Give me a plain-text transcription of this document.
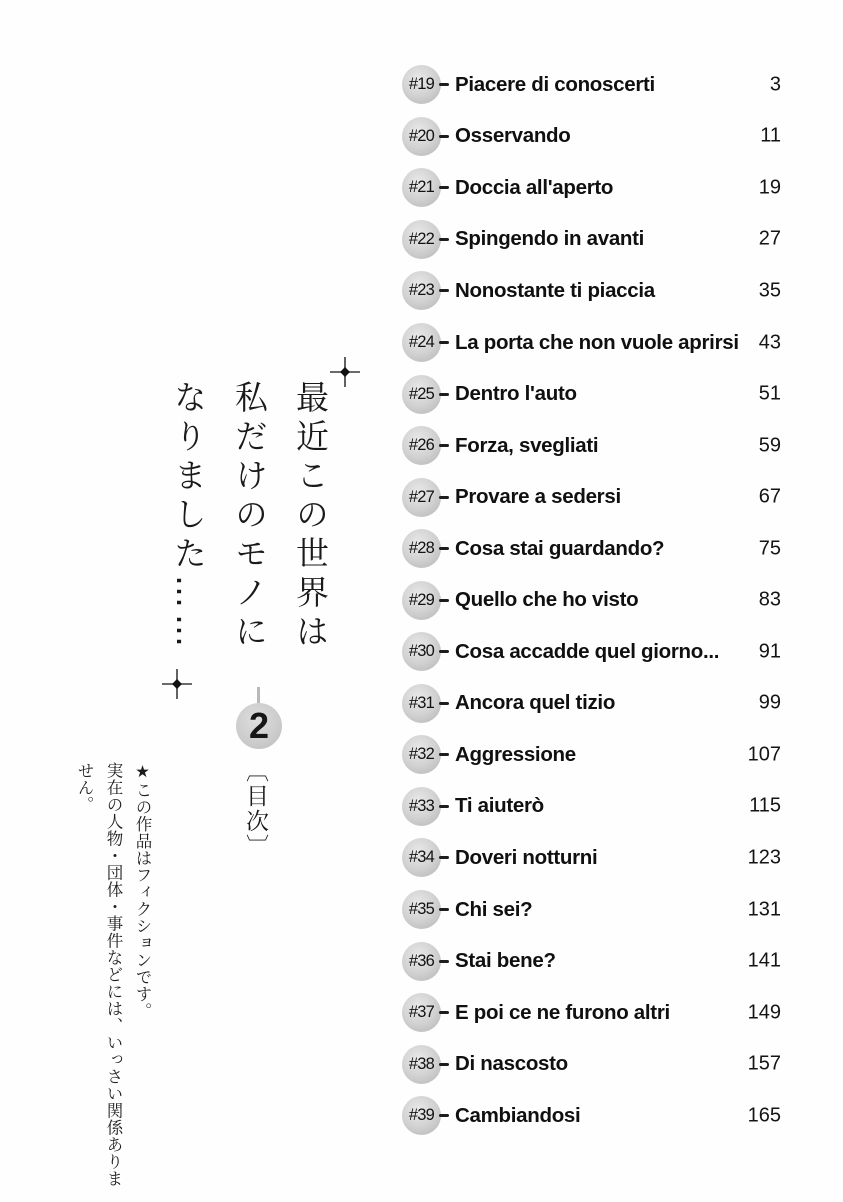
最近この世界は
私だけのモノに
なりました……
2
〔目次〕
★この作品はフィクションです。
実在の人物・団体・事件などには、いっさい関係ありません。
#19	Piacere di conoscerti	3
#20	Osservando	11
#21	Doccia all'aperto	19
#22	Spingendo in avanti	27
#23	Nonostante ti piaccia	35
#24	La porta che non vuole aprirsi 43
#25	Dentro l'auto	51
#26	Forza, svegliati	59
#27	Provare a sedersi	67
#28	Cosa stai guardando?	75
#29	Quello che ho visto	83
#30	Cosa accadde quel giorno... 91
#31	Ancora quel tizio	99
#32	Aggressione	107
#33	Ti aiuterò	115
#34	Doveri notturni	123
#35	Chi sei?	131
#36	Stai bene?	141
#37	E poi ce ne furono altri	149
#38	Di nascosto	157
#39	Cambiandosi	165
